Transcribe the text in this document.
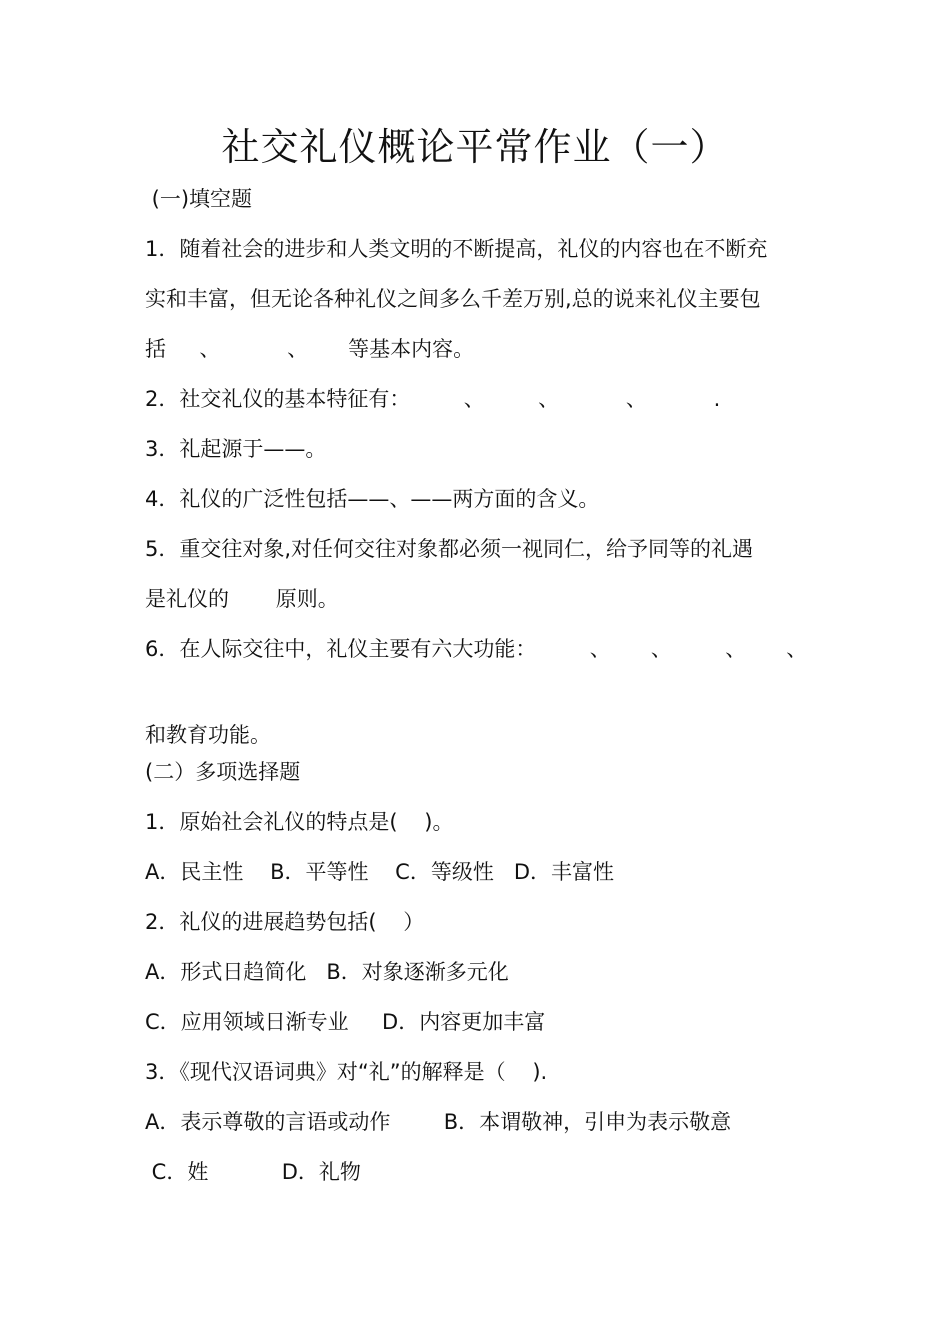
社交礼仪概论平常作业（一）
(一)填空题
1．随着社会的进步和人类文明的不断提高，礼仪的内容也在不断充
实和丰富，但无论各种礼仪之间多么千差万别,总的说来礼仪主要包
括     、          、      等基本内容。
2．社交礼仪的基本特征有：        、        、          、          .
3．礼起源于——。
4．礼仪的广泛性包括——、——两方面的含义。
5．重交往对象,对任何交往对象都必须一视同仁，给予同等的礼遇
是礼仪的       原则。
6．在人际交往中，礼仪主要有六大功能：        、      、        、      、
和教育功能。
(二）多项选择题
1．原始社会礼仪的特点是(    )。
A．民主性    B．平等性    C．等级性   D．丰富性
2．礼仪的进展趋势包括(    ）
A．形式日趋简化   B．对象逐渐多元化
C．应用领域日渐专业     D．内容更加丰富
3．《现代汉语词典》对“礼”的解释是（    ).
A．表示尊敬的言语或动作        B．本谓敬神，引申为表示敬意
C．姓           D．礼物
